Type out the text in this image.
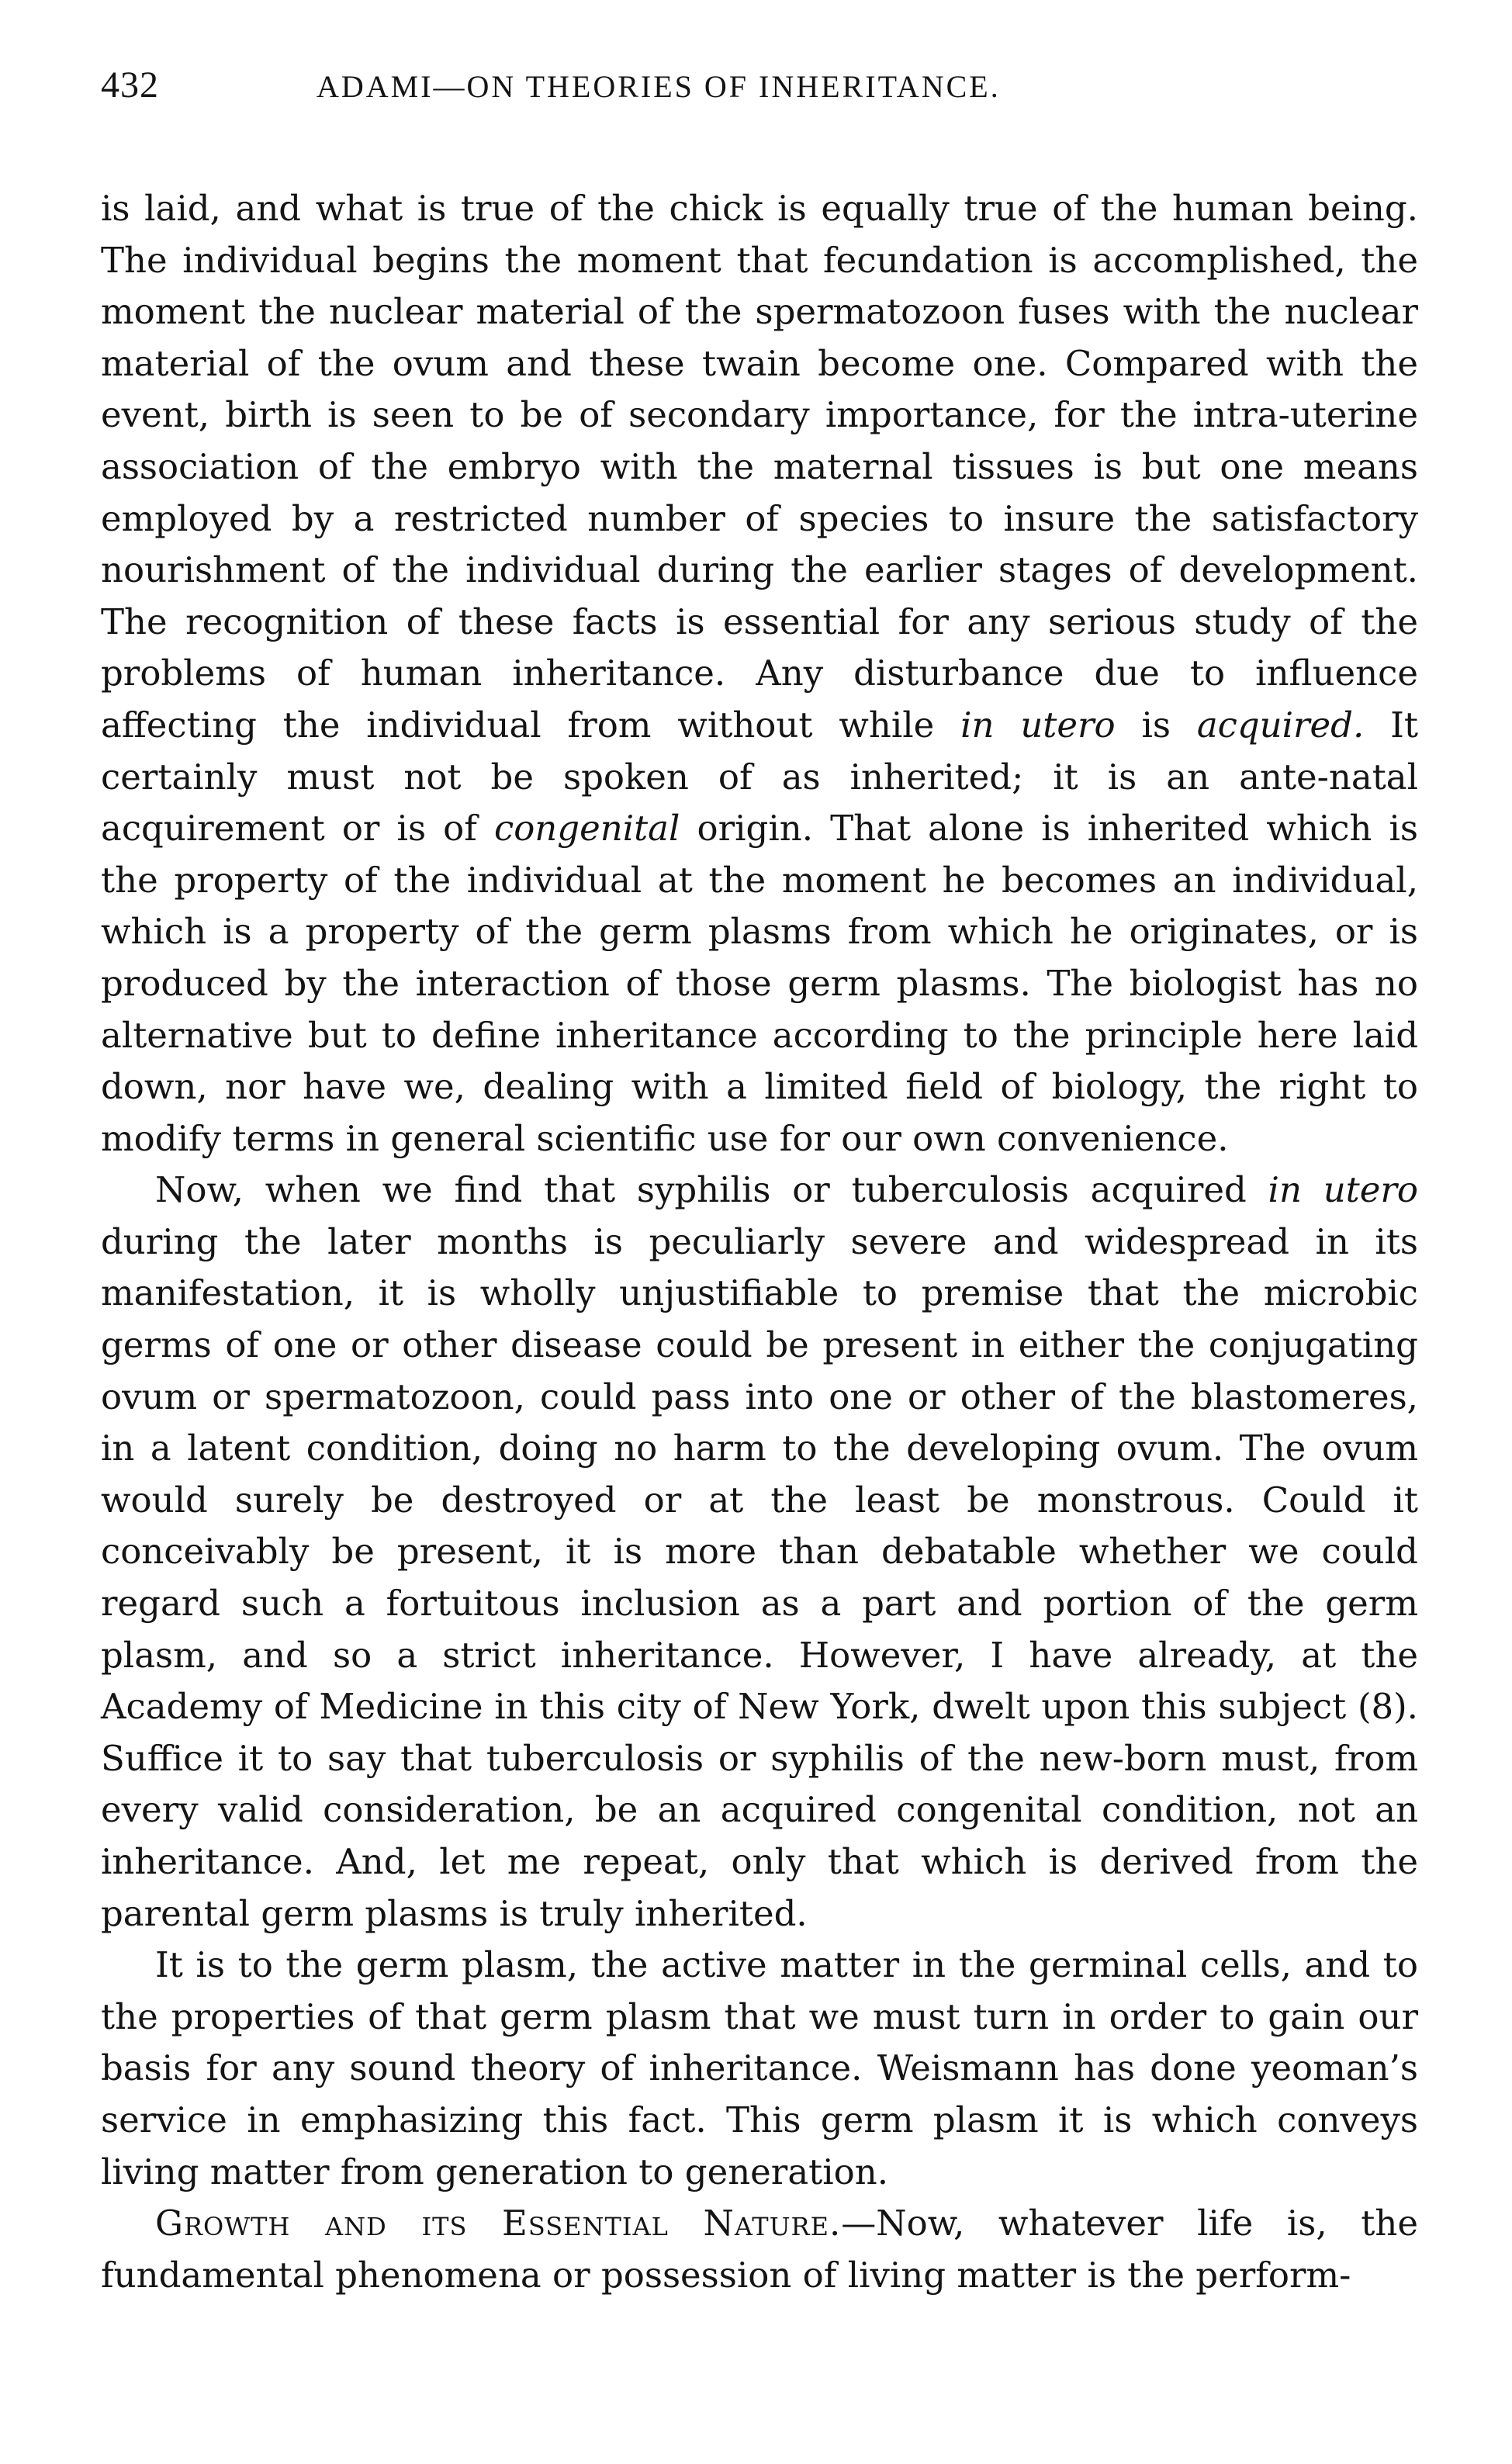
432	ADAMI—ON THEORIES OF INHERITANCE.

is laid, and what is true of the chick is equally true of the human being. The individual begins the moment that fecundation is accomplished, the moment the nuclear material of the spermatozoon fuses with the nuclear material of the ovum and these twain become one. Compared with the event, birth is seen to be of secondary importance, for the intra-uterine association of the embryo with the maternal tissues is but one means employed by a restricted number of species to insure the satisfactory nourishment of the individual during the earlier stages of development. The recognition of these facts is essential for any serious study of the problems of human inheritance. Any disturbance due to influence affecting the individual from without while in utero is acquired. It certainly must not be spoken of as inherited; it is an ante-natal acquirement or is of congenital origin. That alone is inherited which is the property of the individual at the moment he becomes an individual, which is a property of the germ plasms from which he originates, or is produced by the interaction of those germ plasms. The biologist has no alternative but to define inheritance according to the principle here laid down, nor have we, dealing with a limited field of biology, the right to modify terms in general scientific use for our own convenience.

Now, when we find that syphilis or tuberculosis acquired in utero during the later months is peculiarly severe and widespread in its manifestation, it is wholly unjustifiable to premise that the microbic germs of one or other disease could be present in either the conjugating ovum or spermatozoon, could pass into one or other of the blastomeres, in a latent condition, doing no harm to the developing ovum. The ovum would surely be destroyed or at the least be monstrous. Could it conceivably be present, it is more than debatable whether we could regard such a fortuitous inclusion as a part and portion of the germ plasm, and so a strict inheritance. However, I have already, at the Academy of Medicine in this city of New York, dwelt upon this subject (8). Suffice it to say that tuberculosis or syphilis of the new-born must, from every valid consideration, be an acquired congenital condition, not an inheritance. And, let me repeat, only that which is derived from the parental germ plasms is truly inherited.

It is to the germ plasm, the active matter in the germinal cells, and to the properties of that germ plasm that we must turn in order to gain our basis for any sound theory of inheritance. Weismann has done yeoman’s service in emphasizing this fact. This germ plasm it is which conveys living matter from generation to generation.

Growth and its Essential Nature.—Now, whatever life is, the fundamental phenomena or possession of living matter is the perform-
